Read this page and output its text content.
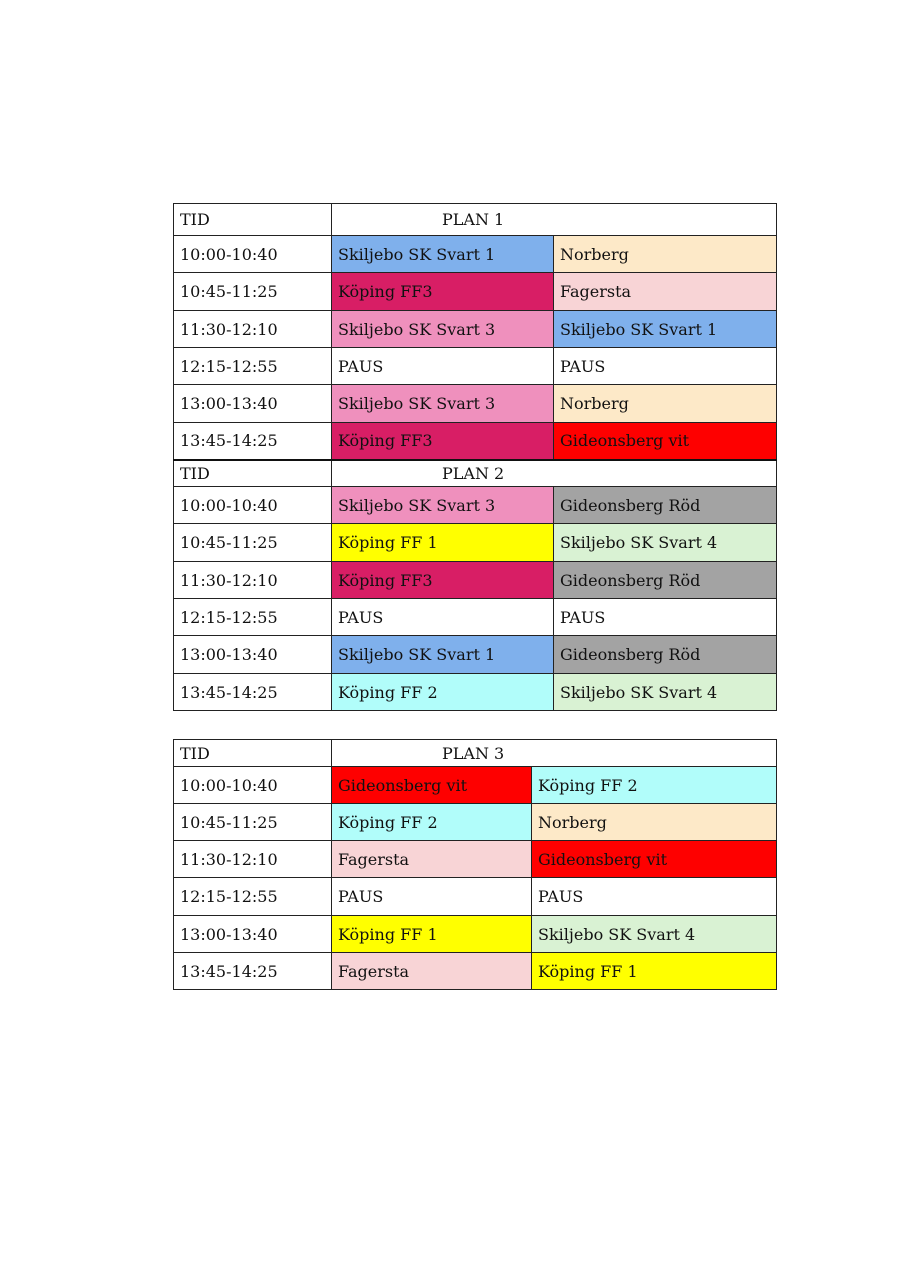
TID	PLAN 1	
10:00-10:40	Skiljebo SK Svart 1	Norberg
10:45-11:25	Köping FF3	Fagersta
11:30-12:10	Skiljebo SK Svart 3	Skiljebo SK Svart 1
12:15-12:55	PAUS	PAUS
13:00-13:40	Skiljebo SK Svart 3	Norberg
13:45-14:25	Köping FF3	Gideonsberg vit
TID	PLAN 2	
10:00-10:40	Skiljebo SK Svart 3	Gideonsberg Röd
10:45-11:25	Köping FF 1	Skiljebo SK Svart 4
11:30-12:10	Köping FF3	Gideonsberg Röd
12:15-12:55	PAUS	PAUS
13:00-13:40	Skiljebo SK Svart 1	Gideonsberg Röd
13:45-14:25	Köping FF 2	Skiljebo SK Svart 4
TID	PLAN 3	
10:00-10:40	Gideonsberg vit	Köping FF 2
10:45-11:25	Köping FF 2	Norberg
11:30-12:10	Fagersta	Gideonsberg vit
12:15-12:55	PAUS	PAUS
13:00-13:40	Köping FF 1	Skiljebo SK Svart 4
13:45-14:25	Fagersta	Köping FF 1
